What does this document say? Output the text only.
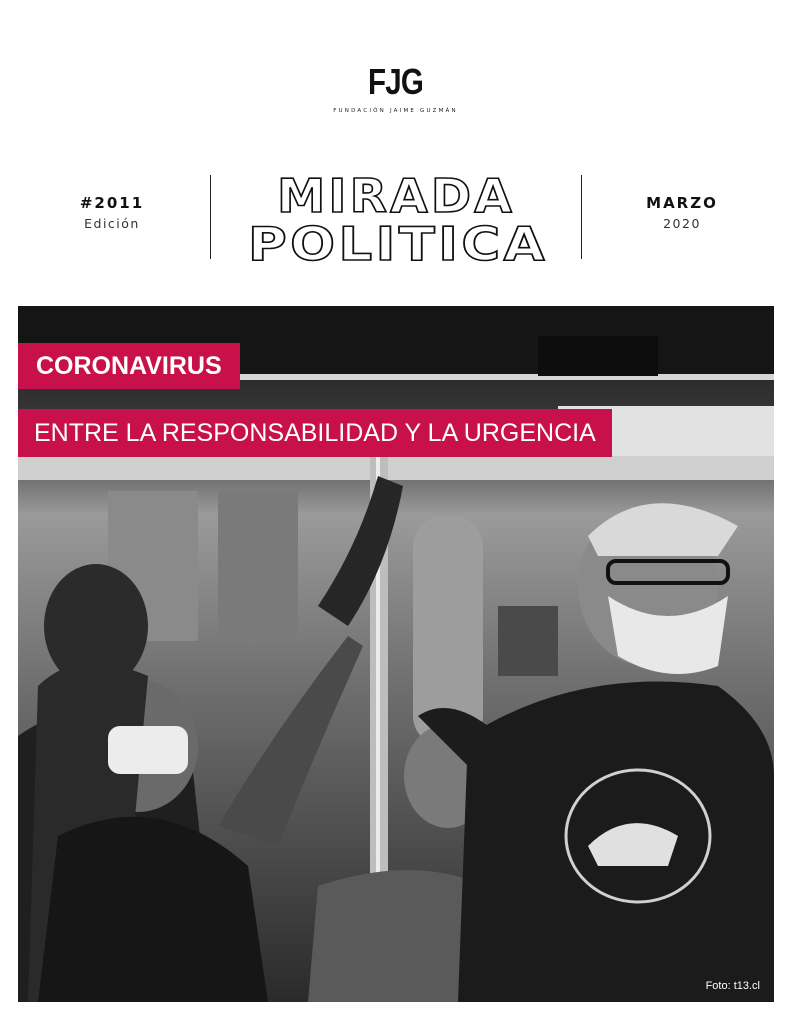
FJG
FUNDACIÓN JAIME GUZMÁN
#2011
Edición
MIRADA
POLITICA
MARZO
2020
CORONAVIRUS
ENTRE LA RESPONSABILIDAD Y LA URGENCIA
Foto: t13.cl
